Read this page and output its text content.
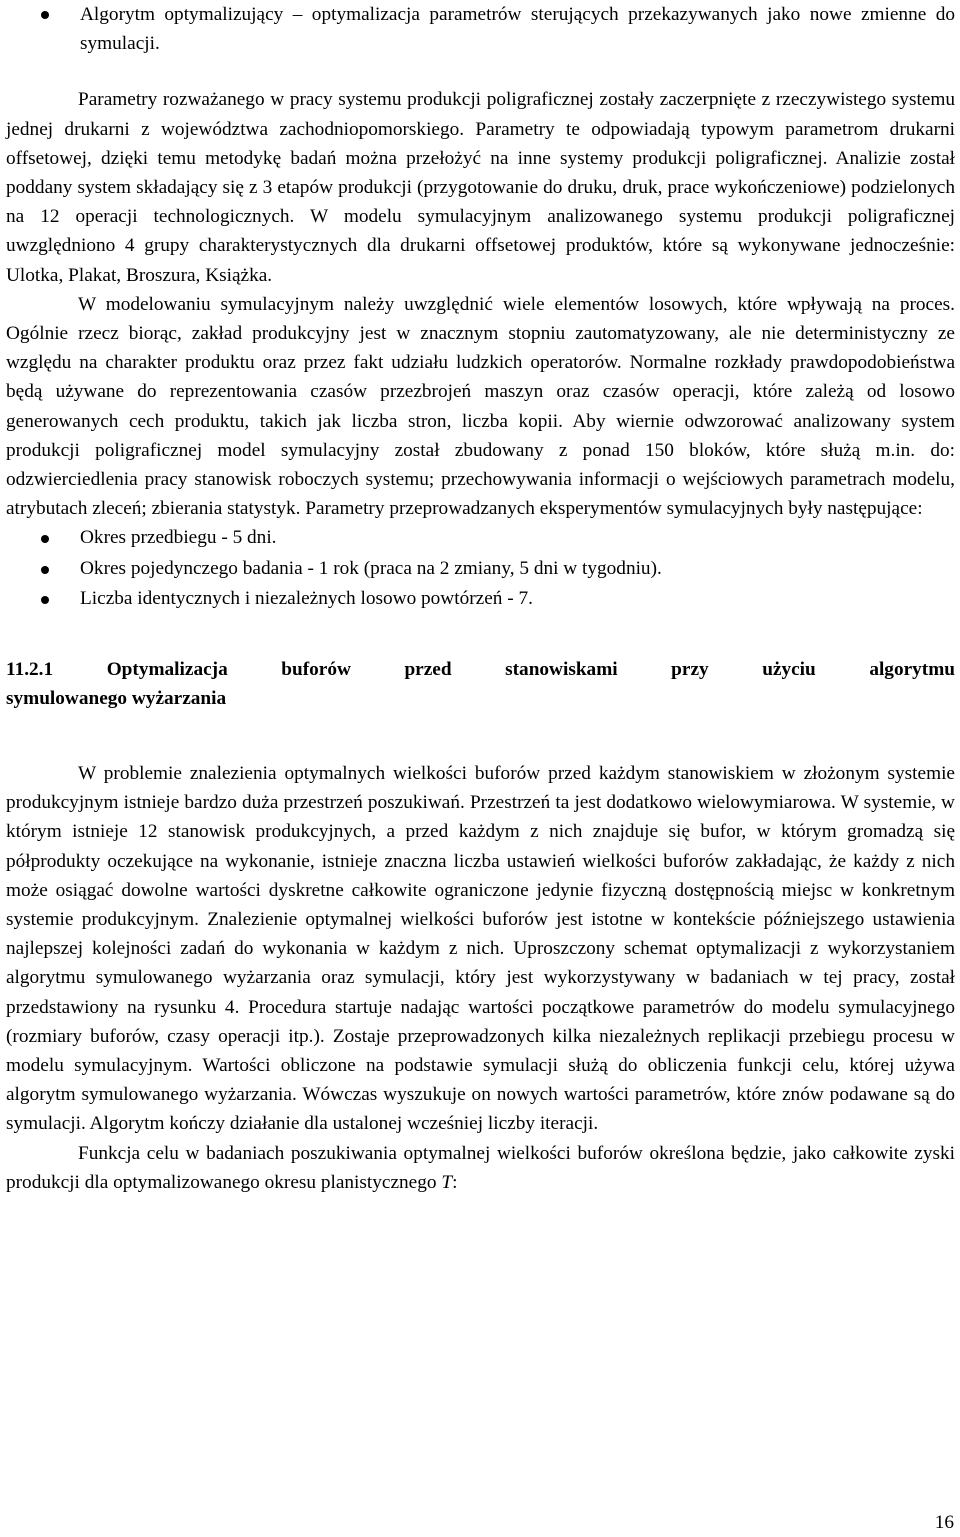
Algorytm optymalizujący – optymalizacja parametrów sterujących przekazywanych jako nowe zmienne do symulacji.

Parametry rozważanego w pracy systemu produkcji poligraficznej zostały zaczerpnięte z rzeczywistego systemu jednej drukarni z województwa zachodniopomorskiego. Parametry te odpowiadają typowym parametrom drukarni offsetowej, dzięki temu metodykę badań można przełożyć na inne systemy produkcji poligraficznej. Analizie został poddany system składający się z 3 etapów produkcji (przygotowanie do druku, druk, prace wykończeniowe) podzielonych na 12 operacji technologicznych. W modelu symulacyjnym analizowanego systemu produkcji poligraficznej uwzględniono 4 grupy charakterystycznych dla drukarni offsetowej produktów, które są wykonywane jednocześnie: Ulotka, Plakat, Broszura, Książka.

W modelowaniu symulacyjnym należy uwzględnić wiele elementów losowych, które wpływają na proces. Ogólnie rzecz biorąc, zakład produkcyjny jest w znacznym stopniu zautomatyzowany, ale nie deterministyczny ze względu na charakter produktu oraz przez fakt udziału ludzkich operatorów. Normalne rozkłady prawdopodobieństwa będą używane do reprezentowania czasów przezbrojeń maszyn oraz czasów operacji, które zależą od losowo generowanych cech produktu, takich jak liczba stron, liczba kopii. Aby wiernie odwzorować analizowany system produkcji poligraficznej model symulacyjny został zbudowany z ponad 150 bloków, które służą m.in. do: odzwierciedlenia pracy stanowisk roboczych systemu; przechowywania informacji o wejściowych parametrach modelu, atrybutach zleceń; zbierania statystyk. Parametry przeprowadzanych eksperymentów symulacyjnych były następujące:

Okres przedbiegu - 5 dni.
Okres pojedynczego badania - 1 rok (praca na 2 zmiany, 5 dni w tygodniu).
Liczba identycznych i niezależnych losowo powtórzeń - 7.
11.2.1	Optymalizacja	buforów	przed	stanowiskami	przy	użyciu	algorytmu
symulowanego wyżarzania

W problemie znalezienia optymalnych wielkości buforów przed każdym stanowiskiem w złożonym systemie produkcyjnym istnieje bardzo duża przestrzeń poszukiwań. Przestrzeń ta jest dodatkowo wielowymiarowa. W systemie, w którym istnieje 12 stanowisk produkcyjnych, a przed każdym z nich znajduje się bufor, w którym gromadzą się półprodukty oczekujące na wykonanie, istnieje znaczna liczba ustawień wielkości buforów zakładając, że każdy z nich może osiągać dowolne wartości dyskretne całkowite ograniczone jedynie fizyczną dostępnością miejsc w konkretnym systemie produkcyjnym. Znalezienie optymalnej wielkości buforów jest istotne w kontekście późniejszego ustawienia najlepszej kolejności zadań do wykonania w każdym z nich. Uproszczony schemat optymalizacji z wykorzystaniem algorytmu symulowanego wyżarzania oraz symulacji, który jest wykorzystywany w badaniach w tej pracy, został przedstawiony na rysunku 4. Procedura startuje nadając wartości początkowe parametrów do modelu symulacyjnego (rozmiary buforów, czasy operacji itp.). Zostaje przeprowadzonych kilka niezależnych replikacji przebiegu procesu w modelu symulacyjnym. Wartości obliczone na podstawie symulacji służą do obliczenia funkcji celu, której używa algorytm symulowanego wyżarzania. Wówczas wyszukuje on nowych wartości parametrów, które znów podawane są do symulacji. Algorytm kończy działanie dla ustalonej wcześniej liczby iteracji.

Funkcja celu w badaniach poszukiwania optymalnej wielkości buforów określona będzie, jako całkowite zyski produkcji dla optymalizowanego okresu planistycznego T:

16
